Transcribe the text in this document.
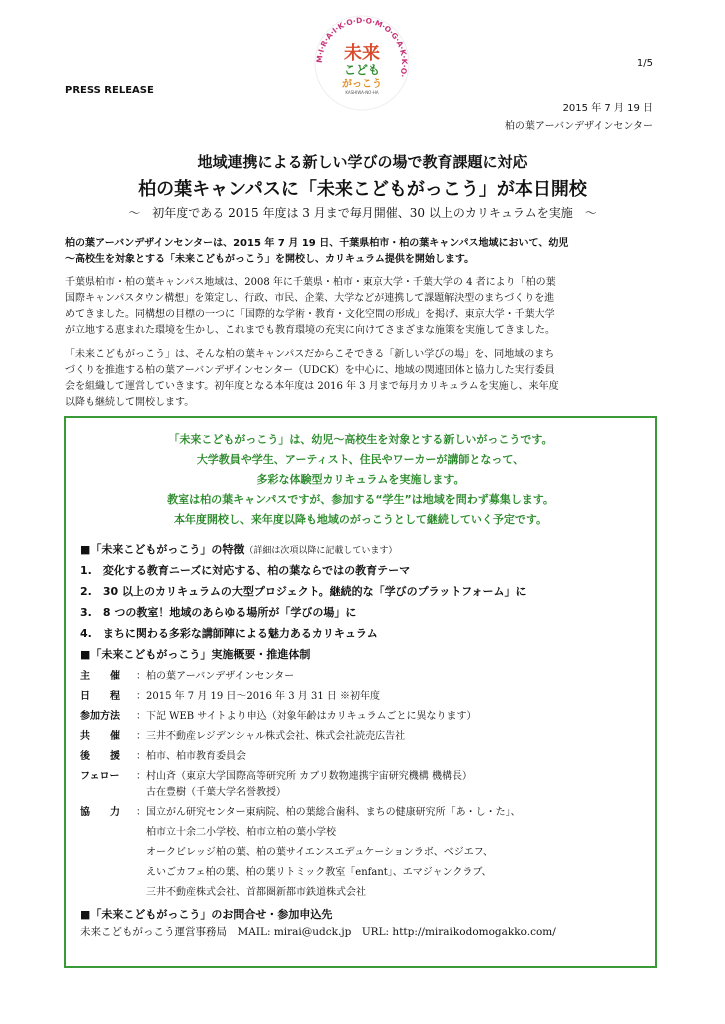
M·I·R·A·I·K·O·D·O·M·O·G·A·K·K·O·
未来
こども
がっこう
KASHIWA-NO-HA
1/5
PRESS RELEASE
2015 年 7 月 19 日
柏の葉アーバンデザインセンター
地域連携による新しい学びの場で教育課題に対応
柏の葉キャンパスに「未来こどもがっこう」が本日開校
～　初年度である 2015 年度は 3 月まで毎月開催、30 以上のカリキュラムを実施　～
柏の葉アーバンデザインセンターは、2015 年 7 月 19 日、千葉県柏市・柏の葉キャンパス地域において、幼児
～高校生を対象とする「未来こどもがっこう」を開校し、カリキュラム提供を開始します。
千葉県柏市・柏の葉キャンパス地域は、2008 年に千葉県・柏市・東京大学・千葉大学の 4 者により「柏の葉
国際キャンパスタウン構想」を策定し、行政、市民、企業、大学などが連携して課題解決型のまちづくりを進
めてきました。同構想の目標の一つに「国際的な学術・教育・文化空間の形成」を掲げ、東京大学・千葉大学
が立地する恵まれた環境を生かし、これまでも教育環境の充実に向けてさまざまな施策を実施してきました。
「未来こどもがっこう」は、そんな柏の葉キャンパスだからこそできる「新しい学びの場」を、同地域のまち
づくりを推進する柏の葉アーバンデザインセンター（UDCK）を中心に、地域の関連団体と協力した実行委員
会を組織して運営していきます。初年度となる本年度は 2016 年 3 月まで毎月カリキュラムを実施し、来年度
以降も継続して開校します。
「未来こどもがっこう」は、幼児～高校生を対象とする新しいがっこうです。
大学教員や学生、アーティスト、住民やワーカーが講師となって、
多彩な体験型カリキュラムを実施します。
教室は柏の葉キャンパスですが、参加する“学生”は地域を問わず募集します。
本年度開校し、来年度以降も地域のがっこうとして継続していく予定です。
■「未来こどもがっこう」の特徴（詳細は次項以降に記載しています）
1.　変化する教育ニーズに対応する、柏の葉ならではの教育テーマ
2.　30 以上のカリキュラムの大型プロジェクト。継続的な「学びのプラットフォーム」に
3.　8 つの教室！地域のあらゆる場所が「学びの場」に
4.　まちに関わる多彩な講師陣による魅力あるカリキュラム
■「未来こどもがっこう」実施概要・推進体制
主　　催 ：柏の葉アーバンデザインセンター
日　　程 ：2015 年 7 月 19 日～2016 年 3 月 31 日 ※初年度
参加方法 ：下記 WEB サイトより申込（対象年齢はカリキュラムごとに異なります）
共　　催 ：三井不動産レジデンシャル株式会社、株式会社読売広告社
後　　援 ：柏市、柏市教育委員会
フェロー ：村山斉（東京大学国際高等研究所 カブリ数物連携宇宙研究機構 機構長）
　古在豊樹（千葉大学名誉教授）
協　　力 ：国立がん研究センター東病院、柏の葉総合歯科、まちの健康研究所「あ・し・た」、
　柏市立十余二小学校、柏市立柏の葉小学校
　オークビレッジ柏の葉、柏の葉サイエンスエデュケーションラボ、ベジエフ、
　えいごカフェ柏の葉、柏の葉リトミック教室「enfant」、エマジャンクラブ、
　三井不動産株式会社、首都圏新都市鉄道株式会社
■「未来こどもがっこう」のお問合せ・参加申込先
未来こどもがっこう運営事務局　MAIL: mirai@udck.jp　URL: http://miraikodomogakko.com/
